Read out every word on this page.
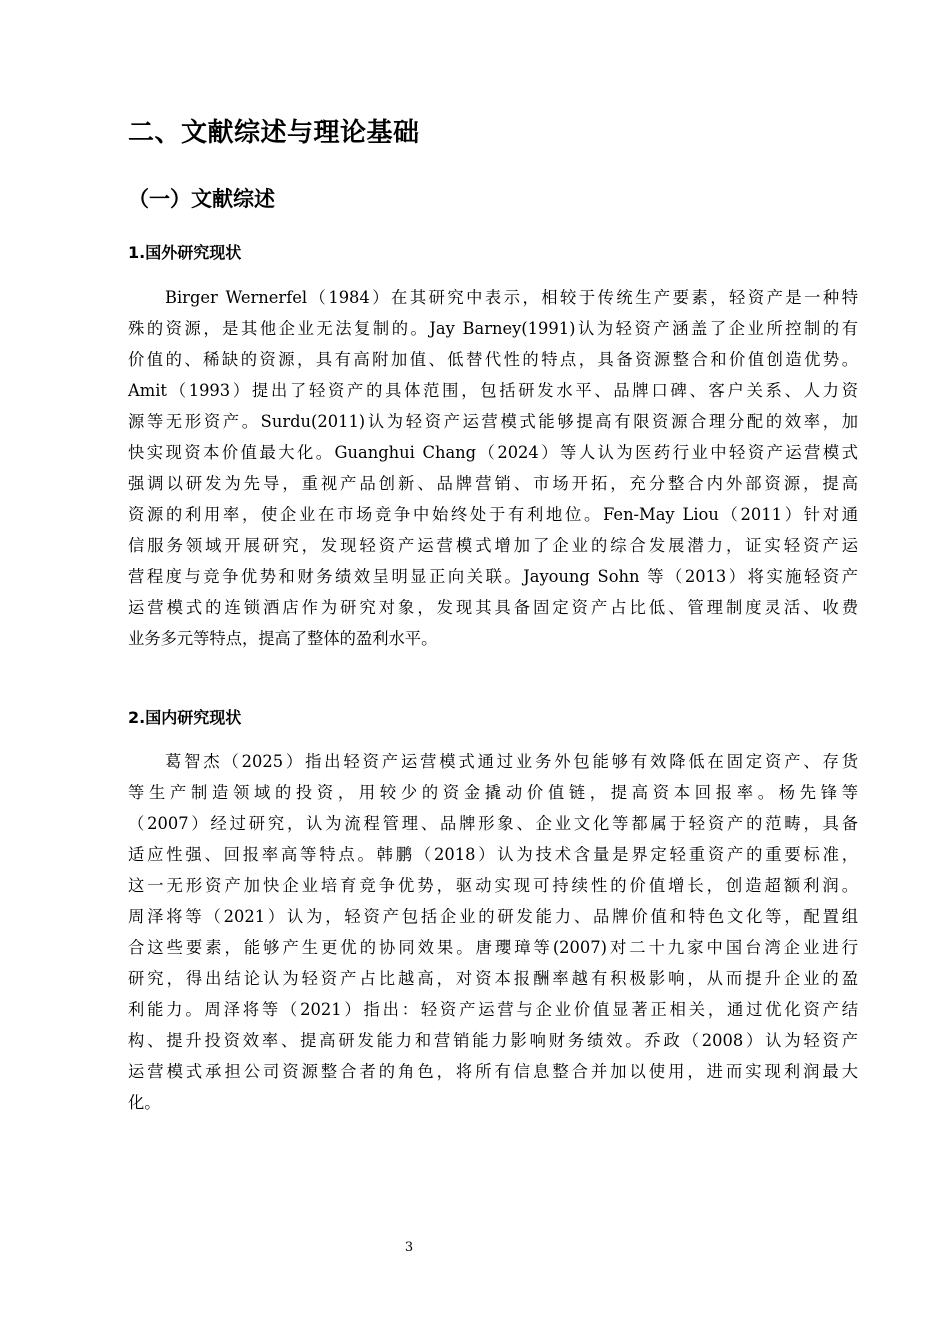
二、文献综述与理论基础
（一）文献综述
1.国外研究现状
Birger Wernerfel（1984）在其研究中表示，相较于传统生产要素，轻资产是一种特
殊的资源，是其他企业无法复制的。Jay Barney(1991)认为轻资产涵盖了企业所控制的有
价值的、稀缺的资源，具有高附加值、低替代性的特点，具备资源整合和价值创造优势。
Amit（1993）提出了轻资产的具体范围，包括研发水平、品牌口碑、客户关系、人力资
源等无形资产。Surdu(2011)认为轻资产运营模式能够提高有限资源合理分配的效率，加
快实现资本价值最大化。Guanghui Chang（2024）等人认为医药行业中轻资产运营模式
强调以研发为先导，重视产品创新、品牌营销、市场开拓，充分整合内外部资源，提高
资源的利用率，使企业在市场竞争中始终处于有利地位。Fen-May Liou（2011）针对通
信服务领域开展研究，发现轻资产运营模式增加了企业的综合发展潜力，证实轻资产运
营程度与竞争优势和财务绩效呈明显正向关联。Jayoung Sohn 等（2013）将实施轻资产
运营模式的连锁酒店作为研究对象，发现其具备固定资产占比低、管理制度灵活、收费
业务多元等特点，提高了整体的盈利水平。
2.国内研究现状
葛智杰（2025）指出轻资产运营模式通过业务外包能够有效降低在固定资产、存货
等生产制造领域的投资，用较少的资金撬动价值链，提高资本回报率。杨先锋等
（2007）经过研究，认为流程管理、品牌形象、企业文化等都属于轻资产的范畴，具备
适应性强、回报率高等特点。韩鹏（2018）认为技术含量是界定轻重资产的重要标准，
这一无形资产加快企业培育竞争优势，驱动实现可持续性的价值增长，创造超额利润。
周泽将等（2021）认为，轻资产包括企业的研发能力、品牌价值和特色文化等，配置组
合这些要素，能够产生更优的协同效果。唐瓔璋等(2007)对二十九家中国台湾企业进行
研究，得出结论认为轻资产占比越高，对资本报酬率越有积极影响，从而提升企业的盈
利能力。周泽将等（2021）指出：轻资产运营与企业价值显著正相关，通过优化资产结
构、提升投资效率、提高研发能力和营销能力影响财务绩效。乔政（2008）认为轻资产
运营模式承担公司资源整合者的角色，将所有信息整合并加以使用，进而实现利润最大
化。
3
